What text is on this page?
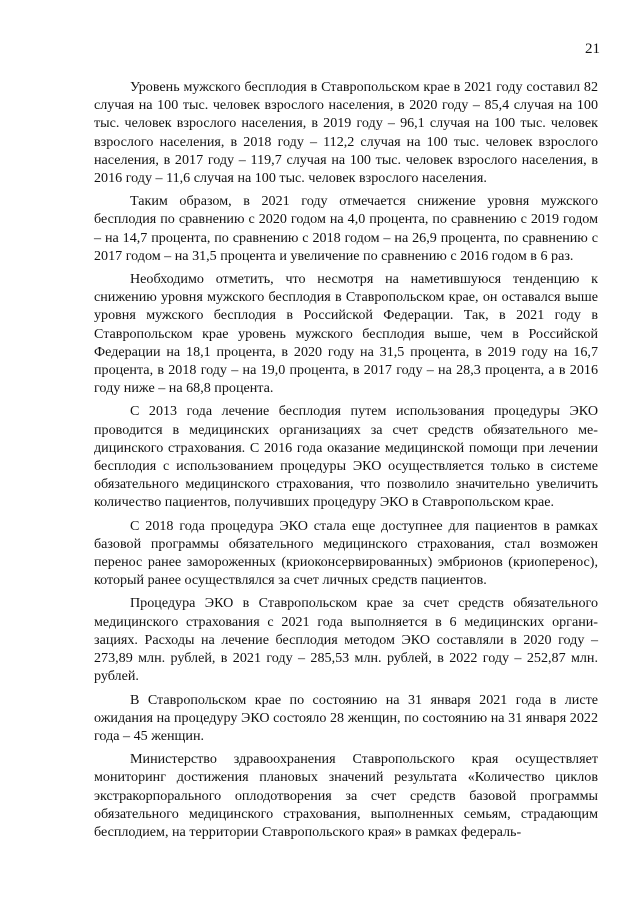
21

Уровень мужского бесплодия в Ставропольском крае в 2021 году составил 82 случая на 100 тыс. человек взрослого населения, в 2020 году – 85,4 случая на 100 тыс. человек взрослого населения, в 2019 году – 96,1 случая на 100 тыс. человек взрослого населения, в 2018 году – 112,2 случая на 100 тыс. человек взрослого населения, в 2017 году – 119,7 случая на 100 тыс. человек взрослого населения, в 2016 году – 11,6 случая на 100 тыс. человек взрослого населения.

Таким образом, в 2021 году отмечается снижение уровня мужского бесплодия по сравнению с 2020 годом на 4,0 процента, по сравнению с 2019 годом – на 14,7 процента, по сравнению с 2018 годом – на 26,9 процента, по сравнению с 2017 годом – на 31,5 процента и увеличение по сравнению с 2016 годом в 6 раз.

Необходимо отметить, что несмотря на наметившуюся тенденцию к снижению уровня мужского бесплодия в Ставропольском крае, он оставался выше уровня мужского бесплодия в Российской Федерации. Так, в 2021 году в Ставропольском крае уровень мужского бесплодия выше, чем в Российской Федерации на 18,1 процента, в 2020 году на 31,5 процента, в 2019 году на 16,7 процента, в 2018 году – на 19,0 процента, в 2017 году – на 28,3 процента, а в 2016 году ниже – на 68,8 процента.

С 2013 года лечение бесплодия путем использования процедуры ЭКО проводится в медицинских организациях за счет средств обязательного медицинского страхования. С 2016 года оказание медицинской помощи при лечении бесплодия с использованием процедуры ЭКО осуществляется только в системе обязательного медицинского страхования, что позволило значительно увеличить количество пациентов, получивших процедуру ЭКО в Ставропольском крае.

С 2018 года процедура ЭКО стала еще доступнее для пациентов в рамках базовой программы обязательного медицинского страхования, стал возможен перенос ранее замороженных (криоконсервированных) эмбрионов (криоперенос), который ранее осуществлялся за счет личных средств пациентов.

Процедура ЭКО в Ставропольском крае за счет средств обязательного медицинского страхования с 2021 года выполняется в 6 медицинских организациях. Расходы на лечение бесплодия методом ЭКО составляли в 2020 году – 273,89 млн. рублей, в 2021 году – 285,53 млн. рублей, в 2022 году – 252,87 млн. рублей.

В Ставропольском крае по состоянию на 31 января 2021 года в листе ожидания на процедуру ЭКО состояло 28 женщин, по состоянию на 31 января 2022 года – 45 женщин.

Министерство здравоохранения Ставропольского края осуществляет мониторинг достижения плановых значений результата «Количество циклов экстракорпорального оплодотворения за счет средств базовой программы обязательного медицинского страхования, выполненных семьям, страдающим бесплодием, на территории Ставропольского края» в рамках федераль-
